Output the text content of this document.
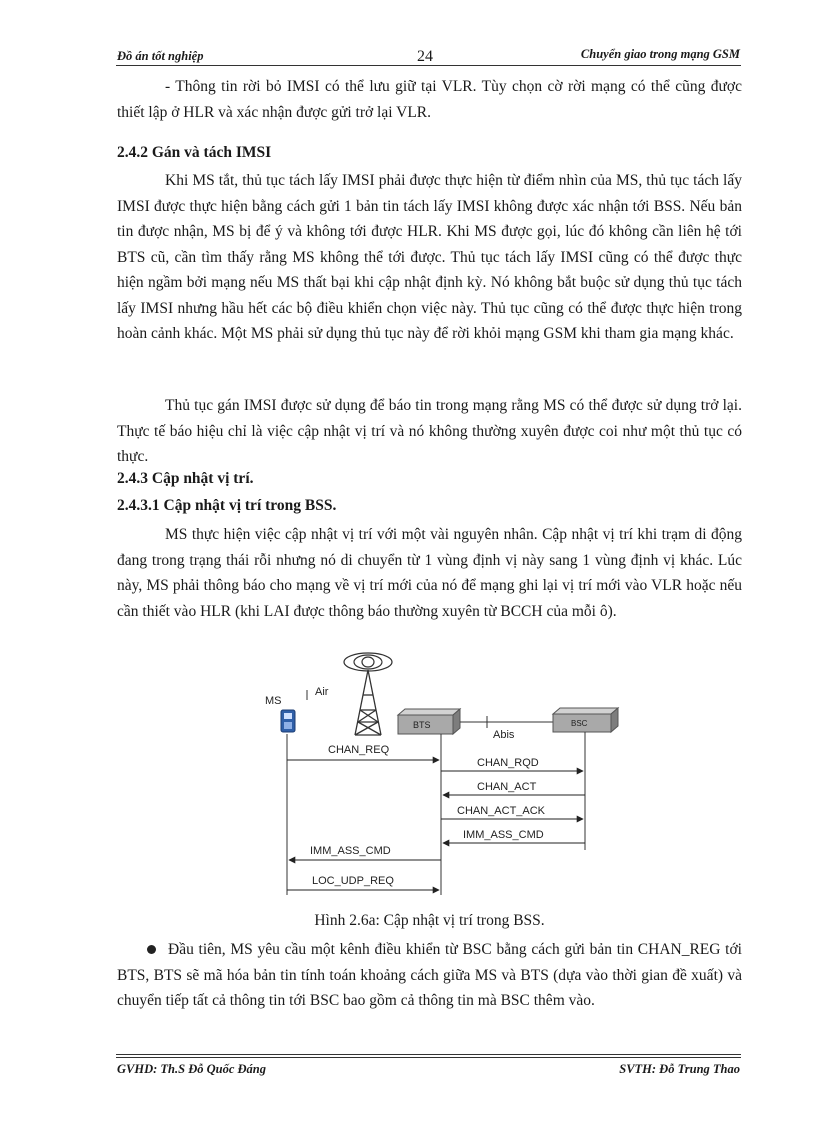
Đồ án tốt nghiệp	24	Chuyển giao trong mạng GSM
- Thông tin rời bỏ IMSI có thể lưu giữ tại VLR. Tùy chọn cờ rời mạng có thể cũng được thiết lập ở HLR và xác nhận được gửi trở lại VLR.
2.4.2 Gán và tách IMSI
Khi MS tắt, thủ tục tách lấy IMSI phải được thực hiện từ điểm nhìn của MS, thủ tục tách lấy IMSI được thực hiện bằng cách gửi 1 bản tin tách lấy IMSI không được xác nhận tới BSS. Nếu bản tin được nhận, MS bị để ý và không tới được HLR. Khi MS được gọi, lúc đó không cần liên hệ tới BTS cũ, cần tìm thấy rằng MS không thể tới được. Thủ tục tách lấy IMSI cũng có thể được thực hiện ngầm bởi mạng nếu MS thất bại khi cập nhật định kỳ. Nó không bắt buộc sử dụng thủ tục tách lấy IMSI nhưng hầu hết các bộ điều khiển chọn việc này. Thủ tục cũng có thể được thực hiện trong hoàn cảnh khác. Một MS phải sử dụng thủ tục này để rời khỏi mạng GSM khi tham gia mạng khác.
Thủ tục gán IMSI được sử dụng để báo tin trong mạng rằng MS có thể được sử dụng trở lại. Thực tế báo hiệu chỉ là việc cập nhật vị trí và nó không thường xuyên được coi như một thủ tục có thực.
2.4.3 Cập nhật vị trí.
2.4.3.1 Cập nhật vị trí trong BSS.
MS thực hiện việc cập nhật vị trí với một vài nguyên nhân. Cập nhật vị trí khi trạm di động đang trong trạng thái rỗi nhưng nó di chuyển từ 1 vùng định vị này sang 1 vùng định vị khác. Lúc này, MS phải thông báo cho mạng về vị trí mới của nó để mạng ghi lại vị trí mới vào VLR hoặc nếu cần thiết vào HLR (khi LAI được thông báo thường xuyên từ BCCH của mỗi ô).
MS
Air
BTS
Abis
BSC
CHAN_REQ
CHAN_RQD
CHAN_ACT
CHAN_ACT_ACK
IMM_ASS_CMD
IMM_ASS_CMD
LOC_UDP_REQ
Hình 2.6a: Cập nhật vị trí trong BSS.
Đầu tiên, MS yêu cầu một kênh điều khiển từ BSC bằng cách gửi bản tin CHAN_REG tới BTS, BTS sẽ mã hóa bản tin tính toán khoảng cách giữa MS và BTS (dựa vào thời gian đề xuất) và chuyển tiếp tất cả thông tin tới BSC bao gồm cả thông tin mà BSC thêm vào.
GVHD: Th.S Đỗ Quốc Đáng	SVTH: Đỗ Trung Thao
